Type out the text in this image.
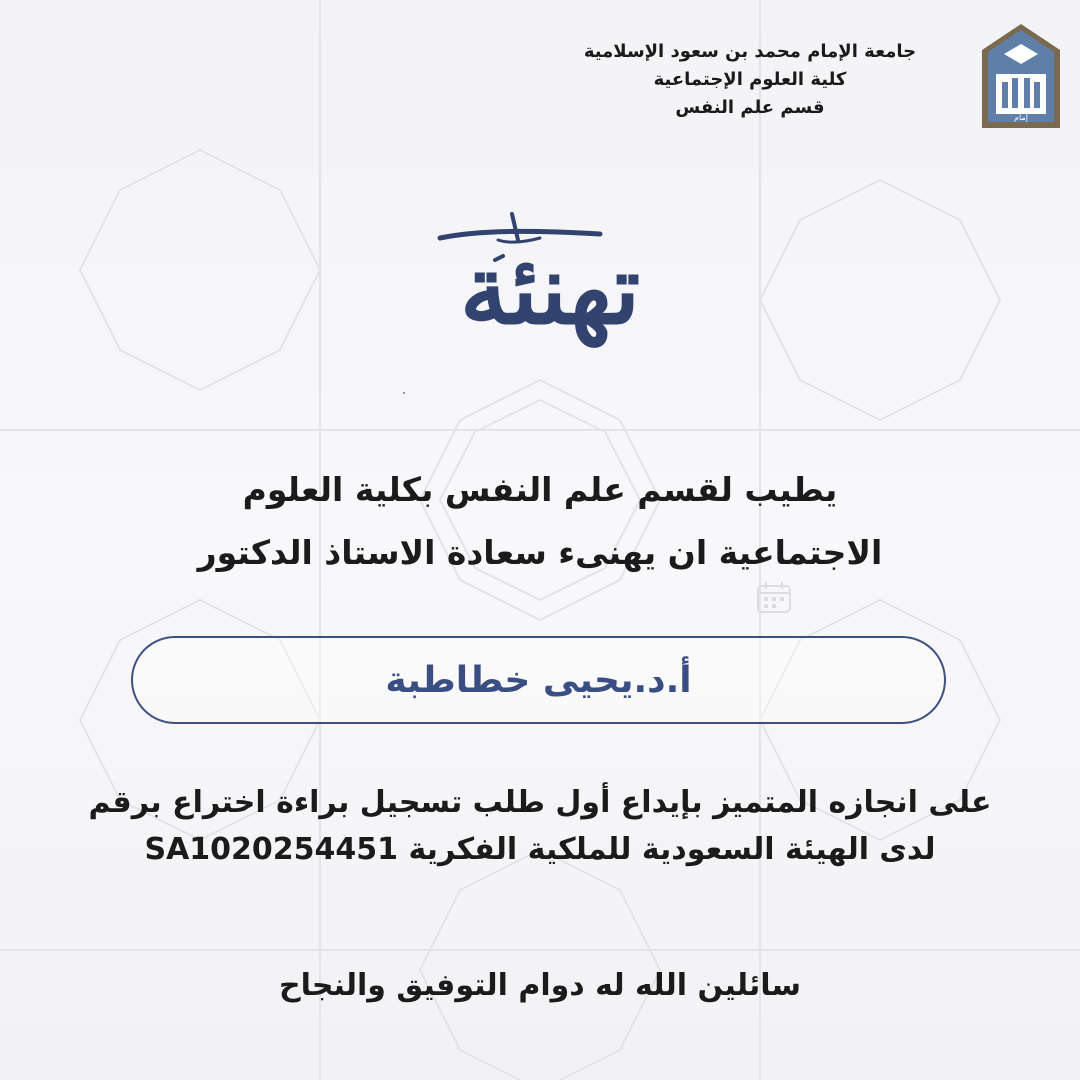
جامعة الإمام محمد بن سعود الإسلامية
كلية العلوم الإجتماعية
قسم علم النفس	إمام
تهنئة
يطيب لقسم علم النفس بكلية العلوم
الاجتماعية ان يهنىء سعادة الاستاذ الدكتور
أ.د.يحيى خطاطبة
على انجازه المتميز بإيداع أول طلب تسجيل براءة اختراع برقم
SA1020254451 لدى الهيئة السعودية للملكية الفكرية
سائلين الله له دوام التوفيق والنجاح
